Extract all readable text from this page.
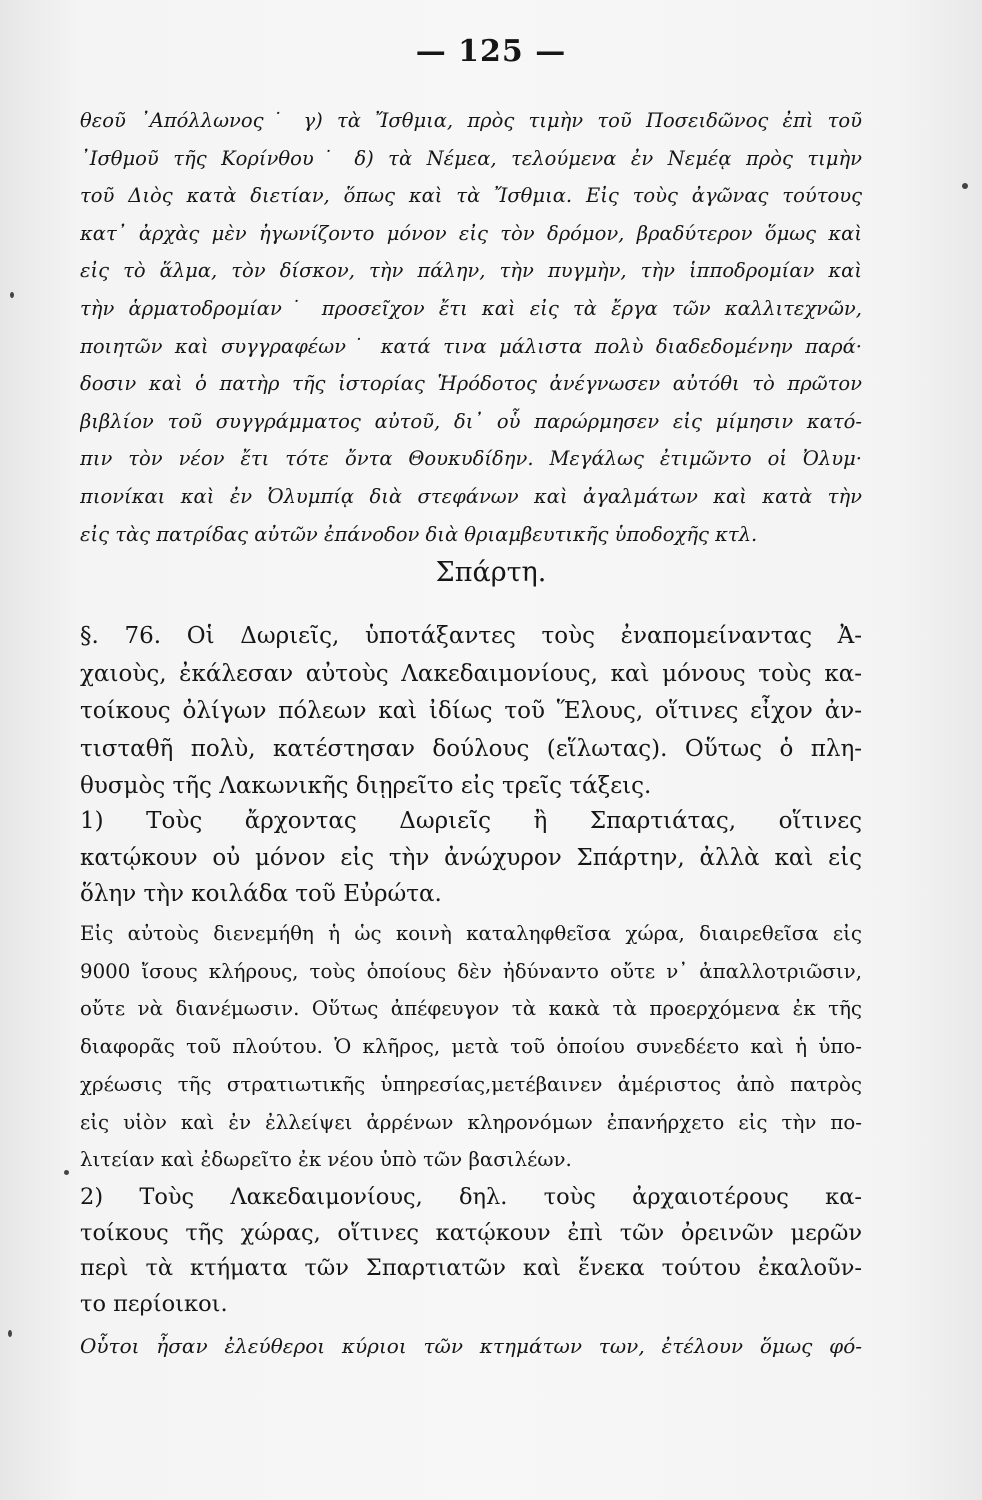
— 125 —
θεοῦ ᾿Απόλλωνος˙ γ) τὰ Ἴσθμια, πρὸς τιμὴν τοῦ Ποσειδῶνος ἐπὶ τοῦ
᾿Ισθμοῦ τῆς Κορίνθου˙ δ) τὰ Νέμεα, τελούμενα ἐν Νεμέᾳ πρὸς τιμὴν
τοῦ Διὸς κατὰ διετίαν, ὅπως καὶ τὰ Ἴσθμια. Εἰς τοὺς ἀγῶνας τούτους
κατ᾿ ἀρχὰς μὲν ἠγωνίζοντο μόνον εἰς τὸν δρόμον, βραδύτερον ὅμως καὶ
εἰς τὸ ἅλμα, τὸν δίσκον, τὴν πάλην, τὴν πυγμὴν, τὴν ἱπποδρομίαν καὶ
τὴν ἁρματοδρομίαν˙ προσεῖχον ἔτι καὶ εἰς τὰ ἔργα τῶν καλλιτεχνῶν,
ποιητῶν καὶ συγγραφέων˙ κατά τινα μάλιστα πολὺ διαδεδομένην παρά·
δοσιν καὶ ὁ πατὴρ τῆς ἱστορίας Ἡρόδοτος ἀνέγνωσεν αὐτόθι τὸ πρῶτον
βιβλίον τοῦ συγγράμματος αὐτοῦ, δι᾿ οὗ παρώρμησεν εἰς μίμησιν κατό-
πιν τὸν νέον ἔτι τότε ὄντα Θουκυδίδην. Μεγάλως ἐτιμῶντο οἱ Ὀλυμ·
πιονίκαι καὶ ἐν Ὀλυμπίᾳ διὰ στεφάνων καὶ ἀγαλμάτων καὶ κατὰ τὴν
εἰς τὰς πατρίδας αὐτῶν ἐπάνοδον διὰ θριαμβευτικῆς ὑποδοχῆς κτλ.
Σπάρτη.
§. 76. Οἱ Δωριεῖς, ὑποτάξαντες τοὺς ἐναπομείναντας Ἀ-
χαιοὺς, ἐκάλεσαν αὐτοὺς Λακεδαιμονίους, καὶ μόνους τοὺς κα-
τοίκους ὀλίγων πόλεων καὶ ἰδίως τοῦ Ἕλους, οἵτινες εἶχον ἀν-
τισταθῆ πολὺ, κατέστησαν δούλους (εἵλωτας). Οὕτως ὁ πλη-
θυσμὸς τῆς Λακωνικῆς διῃρεῖτο εἰς τρεῖς τάξεις.
1) Τοὺς ἄρχοντας Δωριεῖς ἢ Σπαρτιάτας, οἵτινες
κατῴκουν οὐ μόνον εἰς τὴν ἀνώχυρον Σπάρτην, ἀλλὰ καὶ εἰς
ὅλην τὴν κοιλάδα τοῦ Εὐρώτα.
Εἰς αὐτοὺς διενεμήθη ἡ ὡς κοινὴ καταληφθεῖσα χώρα, διαιρεθεῖσα εἰς
9000 ἴσους κλήρους, τοὺς ὁποίους δὲν ἠδύναντο οὔτε ν᾿ ἀπαλλοτριῶσιν,
οὔτε νὰ διανέμωσιν. Οὕτως ἀπέφευγον τὰ κακὰ τὰ προερχόμενα ἐκ τῆς
διαφορᾶς τοῦ πλούτου. Ὁ κλῆρος, μετὰ τοῦ ὁποίου συνεδέετο καὶ ἡ ὑπο-
χρέωσις τῆς στρατιωτικῆς ὑπηρεσίας,μετέβαινεν ἀμέριστος ἀπὸ πατρὸς
εἰς υἱὸν καὶ ἐν ἐλλείψει ἀρρένων κληρονόμων ἐπανήρχετο εἰς τὴν πο-
λιτείαν καὶ ἐδωρεῖτο ἐκ νέου ὑπὸ τῶν βασιλέων.
2) Τοὺς Λακεδαιμονίους, δηλ. τοὺς ἀρχαιοτέρους κα-
τοίκους τῆς χώρας, οἵτινες κατῴκουν ἐπὶ τῶν ὀρεινῶν μερῶν
περὶ τὰ κτήματα τῶν Σπαρτιατῶν καὶ ἕνεκα τούτου ἐκαλοῦν-
το περίοικοι.
Οὗτοι ἦσαν ἐλεύθεροι κύριοι τῶν κτημάτων των, ἐτέλουν ὅμως φό-
